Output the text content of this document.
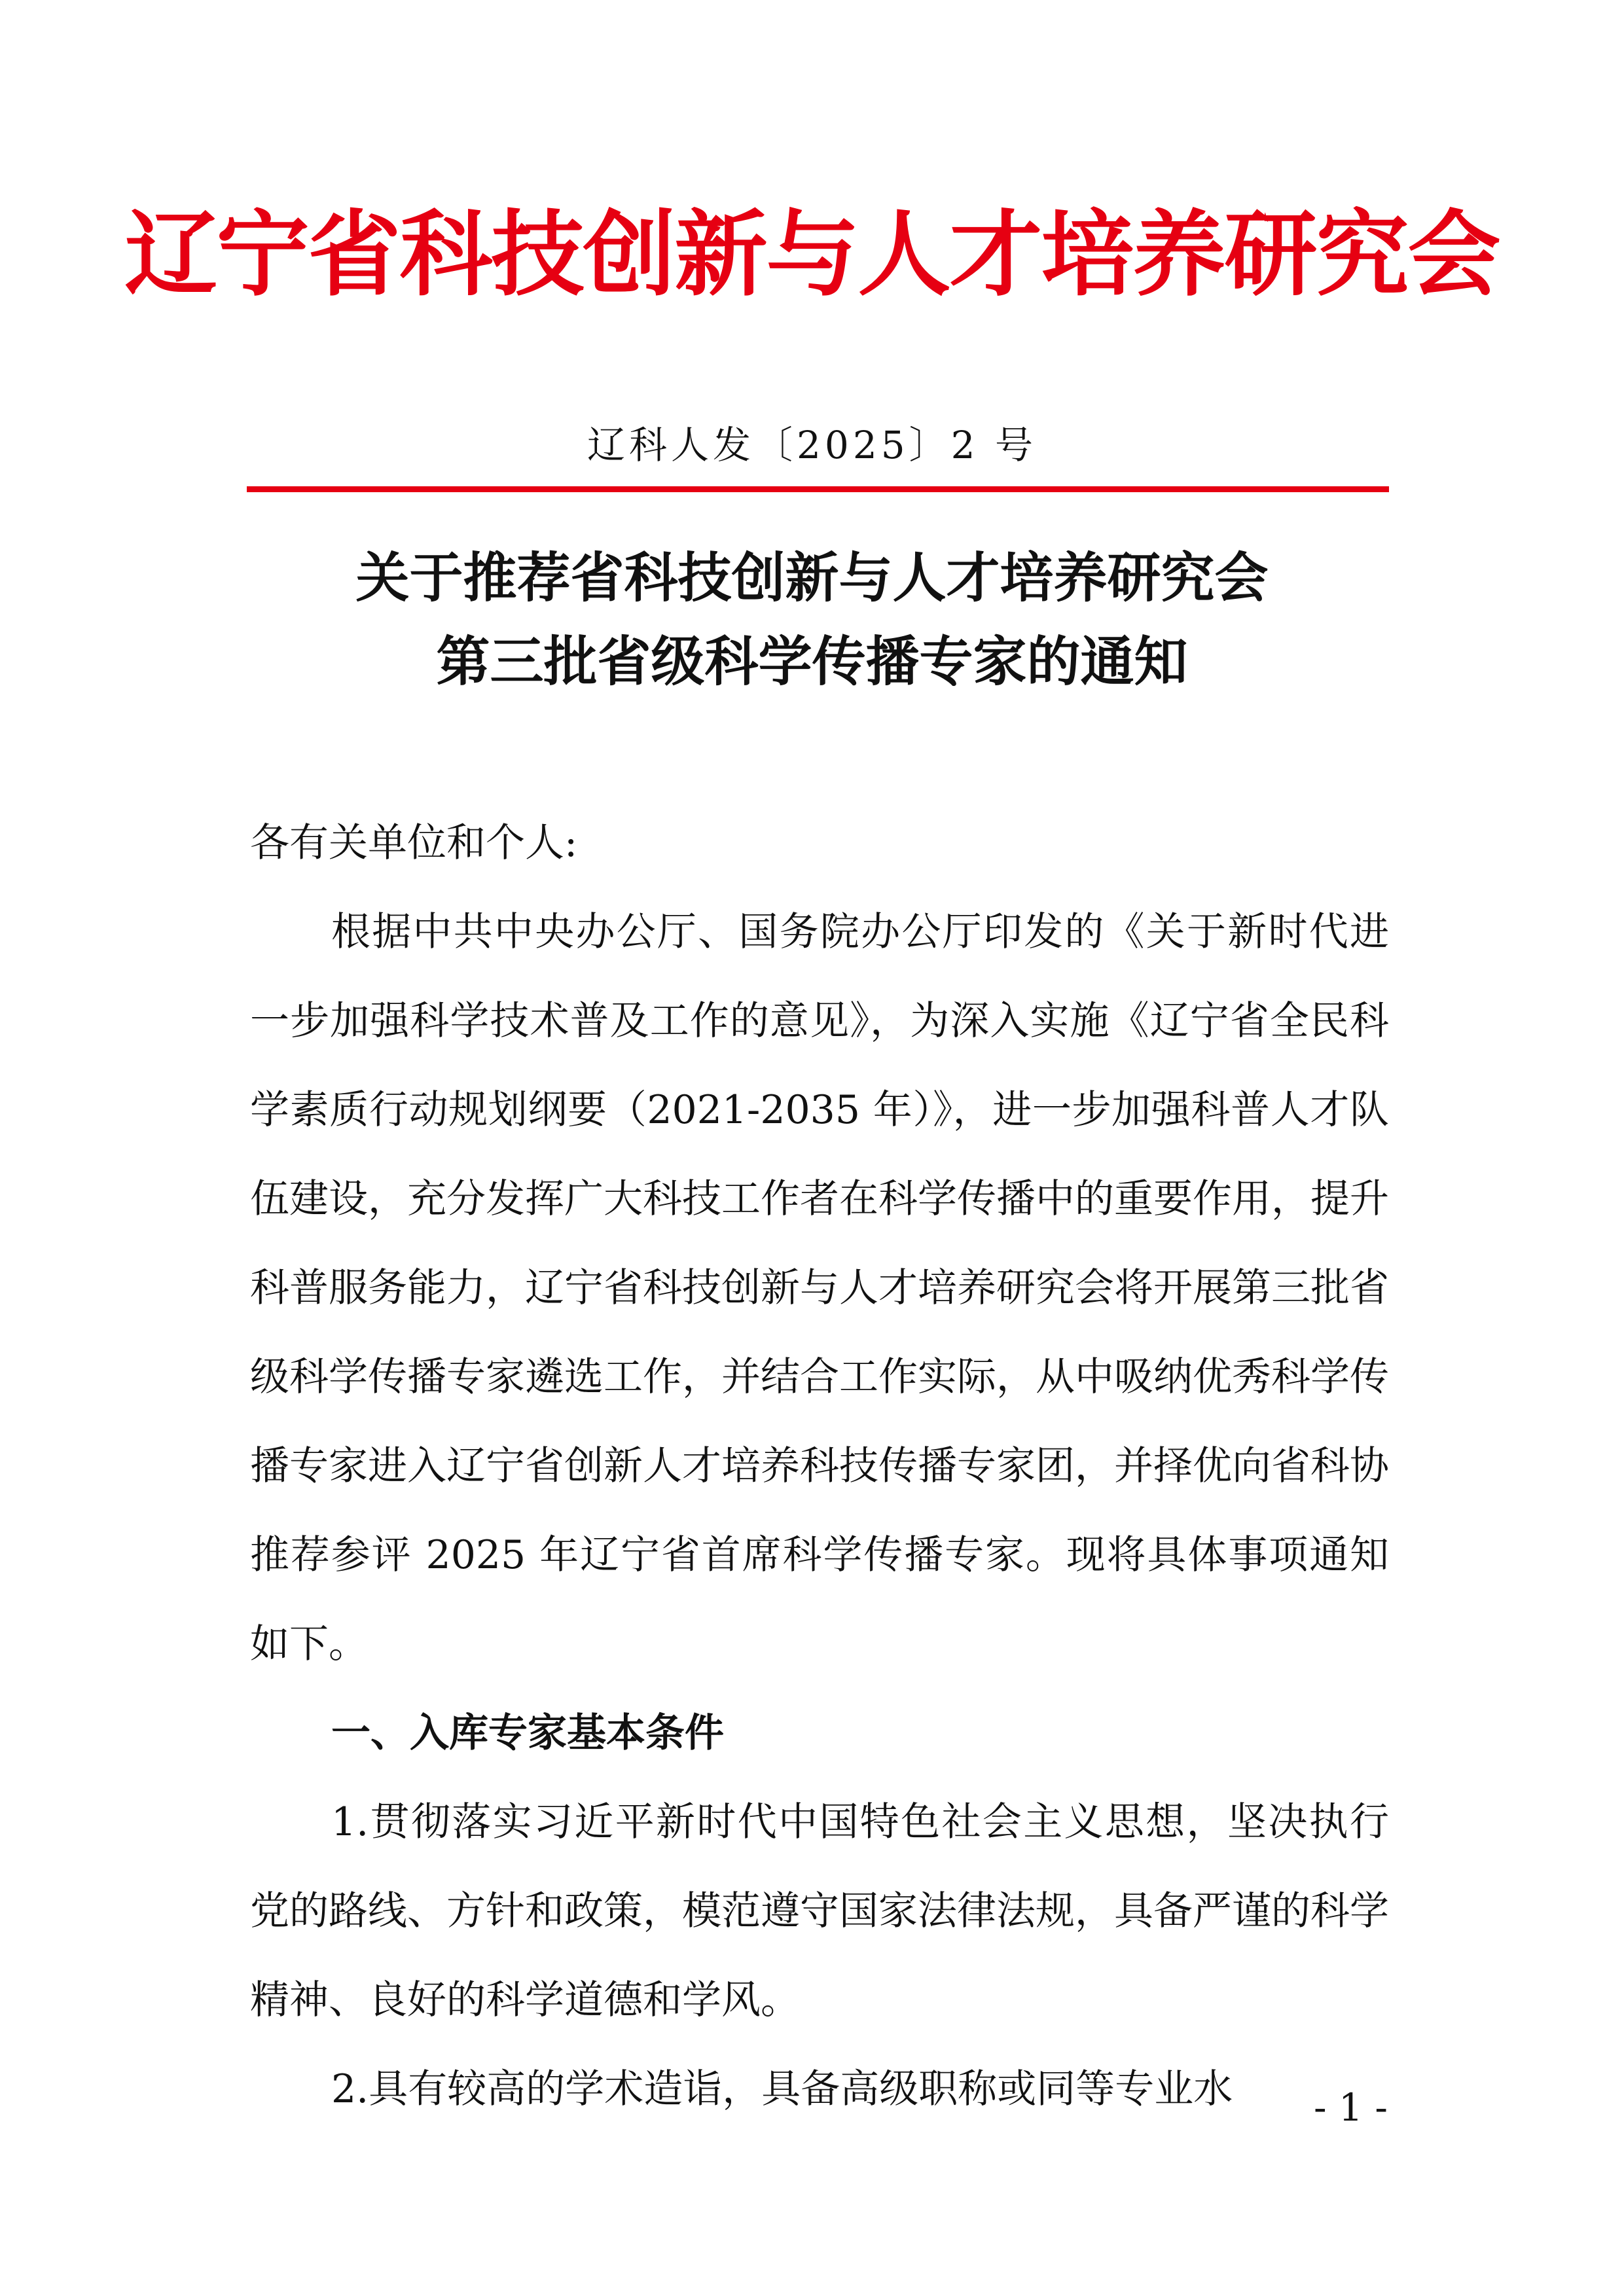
辽宁省科技创新与人才培养研究会
辽科人发〔2025〕2 号
关于推荐省科技创新与人才培养研究会
第三批省级科学传播专家的通知

各有关单位和个人:

根据中共中央办公厅、国务院办公厅印发的《关于新时代进一步加强科学技术普及工作的意见》，为深入实施《辽宁省全民科学素质行动规划纲要（2021-2035 年）》，进一步加强科普人才队伍建设，充分发挥广大科技工作者在科学传播中的重要作用，提升科普服务能力，辽宁省科技创新与人才培养研究会将开展第三批省级科学传播专家遴选工作，并结合工作实际，从中吸纳优秀科学传播专家进入辽宁省创新人才培养科技传播专家团，并择优向省科协推荐参评 2025 年辽宁省首席科学传播专家。现将具体事项通知如下。

一、入库专家基本条件

1.贯彻落实习近平新时代中国特色社会主义思想，坚决执行党的路线、方针和政策，模范遵守国家法律法规，具备严谨的科学精神、良好的科学道德和学风。

2.具有较高的学术造诣，具备高级职称或同等专业水	- 1 -
